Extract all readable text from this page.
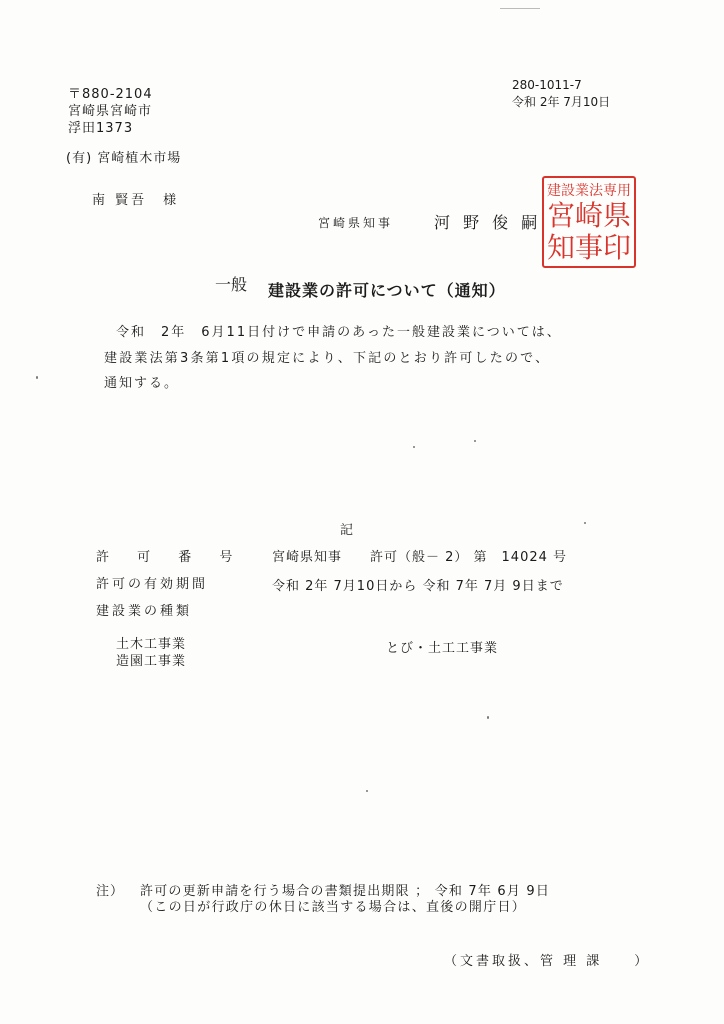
280-1011-7
令和 2年 7月10日
〒880-2104
宮崎県宮崎市
浮田1373
(有) 宮崎植木市場
南 賢吾　様
宮崎県知事	河 野 俊 嗣
建設業法専用
宮崎県
知事印
一般 建設業の許可について（通知）
令和　2年　6月11日付けで申請のあった一般建設業については、
建設業法第3条第1項の規定により、下記のとおり許可したので、
通知する。
記
許 可 番 号 宮崎県知事　　許可（般－ 2） 第　14024 号
許可の有効期間	令和 2年 7月10日から 令和 7年 7月 9日まで
建設業の種類
土木工事業
造園工事業
とび・土工工事業
注） 許可の更新申請を行う場合の書類提出期限 ； 令和 7年 6月 9日
（この日が行政庁の休日に該当する場合は、直後の開庁日）
（文書取扱、管 理 課　　）
